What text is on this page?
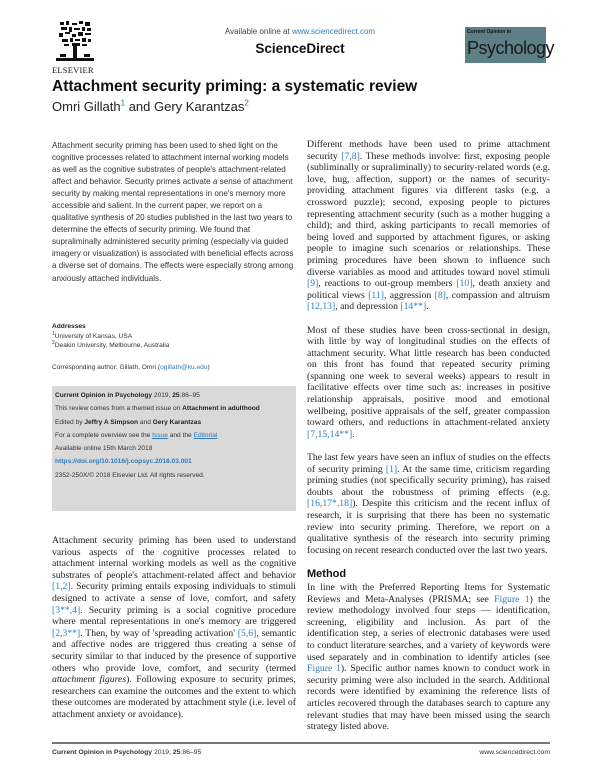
ELSEVIER
Available online at www.sciencedirect.com
ScienceDirect
Current Opinion in
Psychology
Attachment security priming: a systematic review
Omri Gillath$^1$ and Gery Karantzas$^2$
Attachment security priming has been used to shed light on the cognitive processes related to attachment internal working models as well as the cognitive substrates of people's attachment-related affect and behavior. Security primes activate a sense of attachment security by making mental representations in one's memory more accessible and salient. In the current paper, we report on a qualitative synthesis of 20 studies published in the last two years to determine the effects of security priming. We found that supraliminally administered security priming (especially via guided imagery or visualization) is associated with beneficial effects across a diverse set of domains. The effects were especially strong among anxiously attached individuals.
Addresses
$^1$University of Kansas, USA
$^2$Deakin University, Melbourne, Australia
Corresponding author: Gillath, Omri (ogillath@ku.edu)
Current Opinion in Psychology 2019, 25:86–95
This review comes from a themed issue on Attachment in adulthood
Edited by Jeffry A Simpson and Gery Karantzas
For a complete overview see the Issue and the Editorial
Available online 15th March 2018
https://doi.org/10.1016/j.copsyc.2018.03.001
2352-250X/© 2018 Elsevier Ltd. All rights reserved.

Attachment security priming has been used to understand various aspects of the cognitive processes related to attachment internal working models as well as the cognitive substrates of people's attachment-related affect and behavior [1,2]. Security priming entails exposing individuals to stimuli designed to activate a sense of love, comfort, and safety [3**,4]. Security priming is a social cognitive procedure where mental representations in one's memory are triggered [2,3**]. Then, by way of 'spreading activation' [5,6], semantic and affective nodes are triggered thus creating a sense of security similar to that induced by the presence of supportive others who provide love, comfort, and security (termed attachment figures). Following exposure to security primes, researchers can examine the outcomes and the extent to which these outcomes are moderated by attachment style (i.e. level of attachment anxiety or avoidance).

Different methods have been used to prime attachment security [7,8]. These methods involve: first, exposing people (subliminally or supraliminally) to security-related words (e.g. love, hug, affection, support) or the names of security-providing attachment figures via different tasks (e.g. a crossword puzzle); second, exposing people to pictures representing attachment security (such as a mother hugging a child); and third, asking participants to recall memories of being loved and supported by attachment figures, or asking people to imagine such scenarios or relationships. These priming procedures have been shown to influence such diverse variables as mood and attitudes toward novel stimuli [9], reactions to out-group members [10], death anxiety and political views [11], aggression [8], compassion and altruism [12,13], and depression [14**].

Most of these studies have been cross-sectional in design, with little by way of longitudinal studies on the effects of attachment security. What little research has been conducted on this front has found that repeated security priming (spanning one week to several weeks) appears to result in facilitative effects over time such as: increases in positive relationship appraisals, positive mood and emotional wellbeing, positive appraisals of the self, greater compassion toward others, and reductions in attachment-related anxiety [7,15,14**].

The last few years have seen an influx of studies on the effects of security priming [1]. At the same time, criticism regarding priming studies (not specifically security priming), has raised doubts about the robustness of priming effects (e.g. [16,17*,18]). Despite this criticism and the recent influx of research, it is surprising that there has been no systematic review into security priming. Therefore, we report on a qualitative synthesis of the research into security priming focusing on recent research conducted over the last two years.

Method

In line with the Preferred Reporting Items for Systematic Reviews and Meta-Analyses (PRISMA; see Figure 1) the review methodology involved four steps — identification, screening, eligibility and inclusion. As part of the identification step, a series of electronic databases were used to conduct literature searches, and a variety of keywords were used separately and in combination to identify articles (see Figure 1). Specific author names known to conduct work in security priming were also included in the search. Additional records were identified by examining the reference lists of articles recovered through the databases search to capture any relevant studies that may have been missed using the search strategy listed above.

Current Opinion in Psychology 2019, 25:86–95	www.sciencedirect.com
